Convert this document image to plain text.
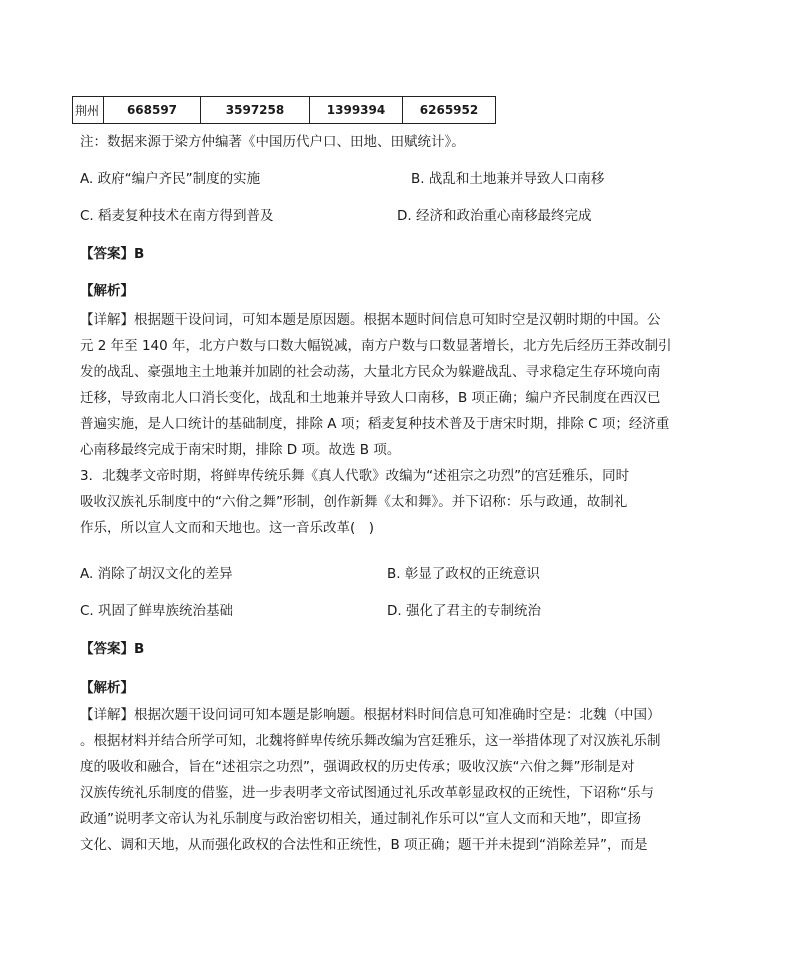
荆州	668597	3597258	1399394	6265952
注：数据来源于梁方仲编著《中国历代户口、田地、田赋统计》。
A. 政府“编户齐民”制度的实施	B. 战乱和土地兼并导致人口南移
C. 稻麦复种技术在南方得到普及	D. 经济和政治重心南移最终完成
【答案】B
【解析】
【详解】根据题干设问词，可知本题是原因题。根据本题时间信息可知时空是汉朝时期的中国。公
元 2 年至 140 年，北方户数与口数大幅锐减，南方户数与口数显著增长，北方先后经历王莽改制引
发的战乱、豪强地主土地兼并加剧的社会动荡，大量北方民众为躲避战乱、寻求稳定生存环境向南
迁移，导致南北人口消长变化，战乱和土地兼并导致人口南移，B 项正确；编户齐民制度在西汉已
普遍实施，是人口统计的基础制度，排除 A 项；稻麦复种技术普及于唐宋时期，排除 C 项；经济重
心南移最终完成于南宋时期，排除 D 项。故选 B 项。
3．北魏孝文帝时期，将鲜卑传统乐舞《真人代歌》改编为“述祖宗之功烈”的宫廷雅乐，同时
吸收汉族礼乐制度中的“六佾之舞”形制，创作新舞《太和舞》。并下诏称：乐与政通，故制礼
作乐，所以宣人文而和天地也。这一音乐改革(　)
A. 消除了胡汉文化的差异	B. 彰显了政权的正统意识
C. 巩固了鲜卑族统治基础	D. 强化了君主的专制统治
【答案】B
【解析】
【详解】根据次题干设问词可知本题是影响题。根据材料时间信息可知准确时空是：北魏（中国）
。根据材料并结合所学可知，北魏将鲜卑传统乐舞改编为宫廷雅乐，这一举措体现了对汉族礼乐制
度的吸收和融合，旨在“述祖宗之功烈”，强调政权的历史传承；吸收汉族“六佾之舞”形制是对
汉族传统礼乐制度的借鉴，进一步表明孝文帝试图通过礼乐改革彰显政权的正统性，下诏称“乐与
政通”说明孝文帝认为礼乐制度与政治密切相关，通过制礼作乐可以“宣人文而和天地”，即宣扬
文化、调和天地，从而强化政权的合法性和正统性，B 项正确；题干并未提到“消除差异”，而是
